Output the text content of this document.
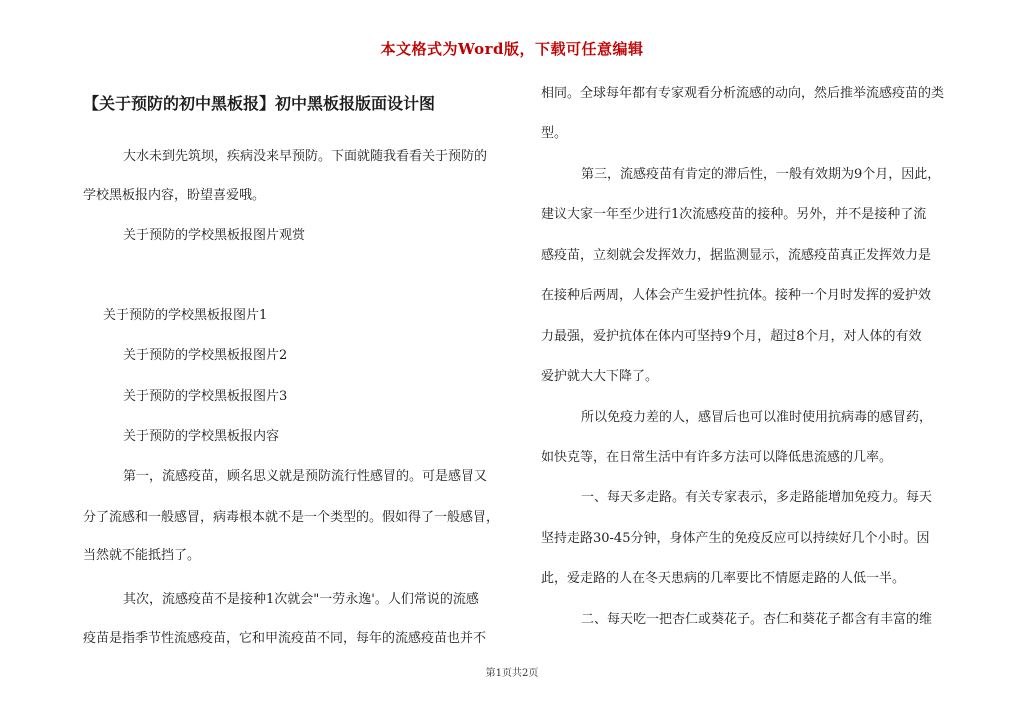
本文格式为Word版，下载可任意编辑
【关于预防的初中黑板报】初中黑板报版面设计图
大水未到先筑坝，疾病没来早预防。下面就随我看看关于预防的
学校黑板报内容，盼望喜爱哦。
关于预防的学校黑板报图片观赏
关于预防的学校黑板报图片1
关于预防的学校黑板报图片2
关于预防的学校黑板报图片3
关于预防的学校黑板报内容
第一，流感疫苗，顾名思义就是预防流行性感冒的。可是感冒又
分了流感和一般感冒，病毒根本就不是一个类型的。假如得了一般感冒，
当然就不能抵挡了。
其次，流感疫苗不是接种1次就会"一劳永逸'。人们常说的流感
疫苗是指季节性流感疫苗，它和甲流疫苗不同，每年的流感疫苗也并不
相同。全球每年都有专家观看分析流感的动向，然后推举流感疫苗的类
型。
第三，流感疫苗有肯定的滞后性，一般有效期为9个月，因此，
建议大家一年至少进行1次流感疫苗的接种。另外，并不是接种了流
感疫苗，立刻就会发挥效力，据监测显示，流感疫苗真正发挥效力是
在接种后两周，人体会产生爱护性抗体。接种一个月时发挥的爱护效
力最强，爱护抗体在体内可坚持9个月，超过8个月，对人体的有效
爱护就大大下降了。
所以免疫力差的人，感冒后也可以准时使用抗病毒的感冒药，
如快克等，在日常生活中有许多方法可以降低患流感的几率。
一、每天多走路。有关专家表示，多走路能增加免疫力。每天
坚持走路30-45分钟，身体产生的免疫反应可以持续好几个小时。因
此，爱走路的人在冬天患病的几率要比不情愿走路的人低一半。
二、每天吃一把杏仁或葵花子。杏仁和葵花子都含有丰富的维
第1页共2页
